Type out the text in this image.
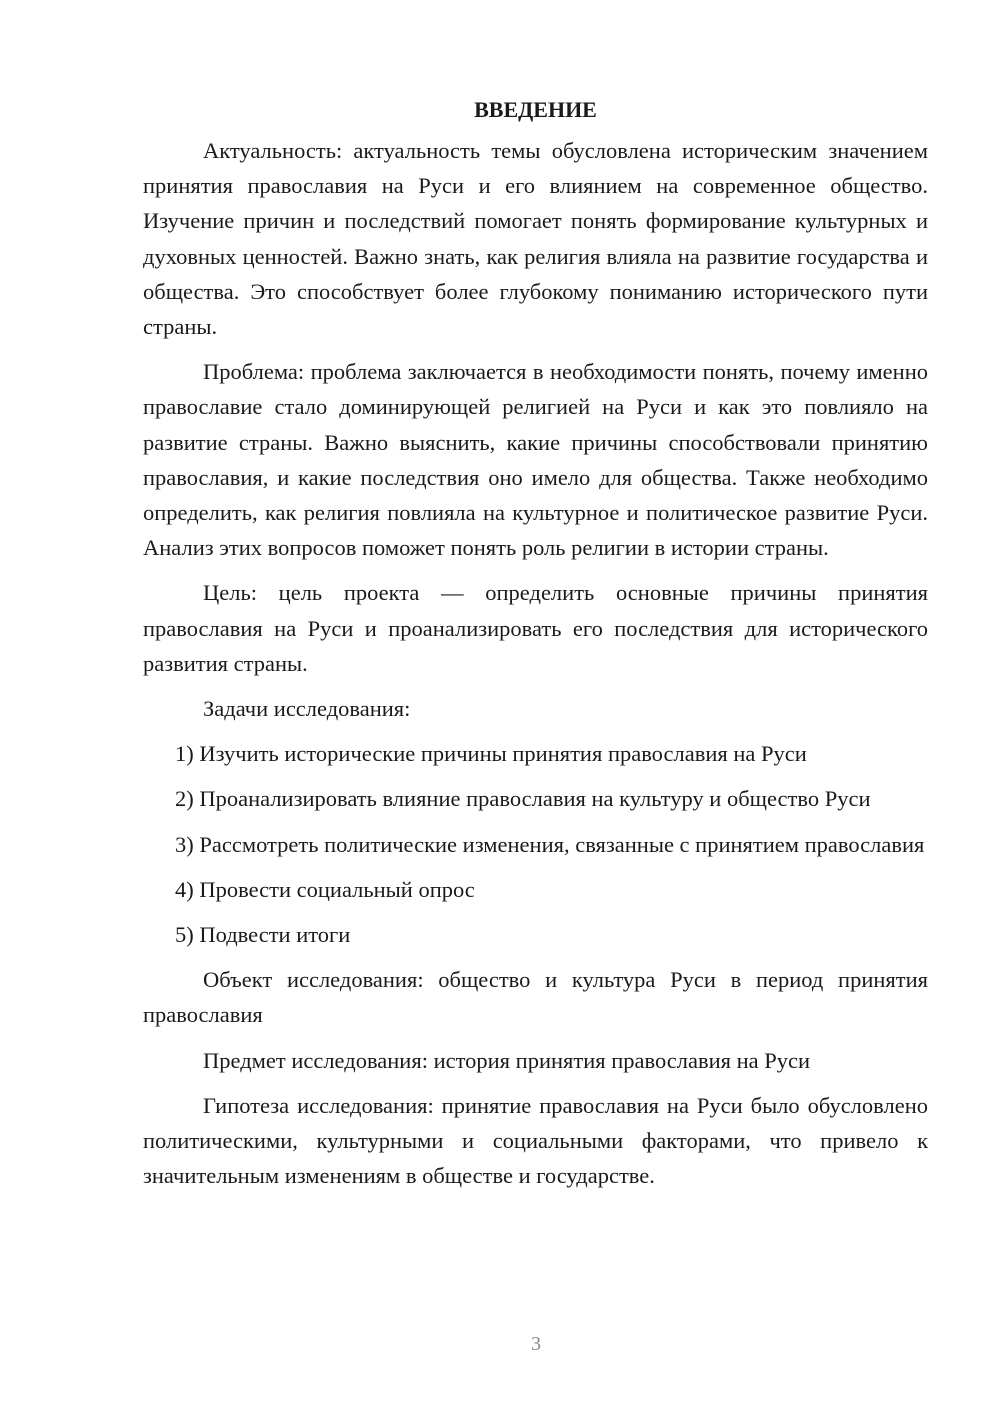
ВВЕДЕНИЕ

Актуальность: актуальность темы обусловлена историческим значением принятия православия на Руси и его влиянием на современное общество. Изучение причин и последствий помогает понять формирование культурных и духовных ценностей. Важно знать, как религия влияла на развитие государства и общества. Это способствует более глубокому пониманию исторического пути страны.

Проблема: проблема заключается в необходимости понять, почему именно православие стало доминирующей религией на Руси и как это повлияло на развитие страны. Важно выяснить, какие причины способствовали принятию православия, и какие последствия оно имело для общества. Также необходимо определить, как религия повлияла на культурное и политическое развитие Руси. Анализ этих вопросов поможет понять роль религии в истории страны.

Цель: цель проекта — определить основные причины принятия православия на Руси и проанализировать его последствия для исторического развития страны.

Задачи исследования:

1) Изучить исторические причины принятия православия на Руси

2) Проанализировать влияние православия на культуру и общество Руси

3) Рассмотреть политические изменения, связанные с принятием православия

4) Провести социальный опрос

5) Подвести итоги

Объект исследования: общество и культура Руси в период принятия православия

Предмет исследования: история принятия православия на Руси

Гипотеза исследования: принятие православия на Руси было обусловлено политическими, культурными и социальными факторами, что привело к значительным изменениям в обществе и государстве.

3
